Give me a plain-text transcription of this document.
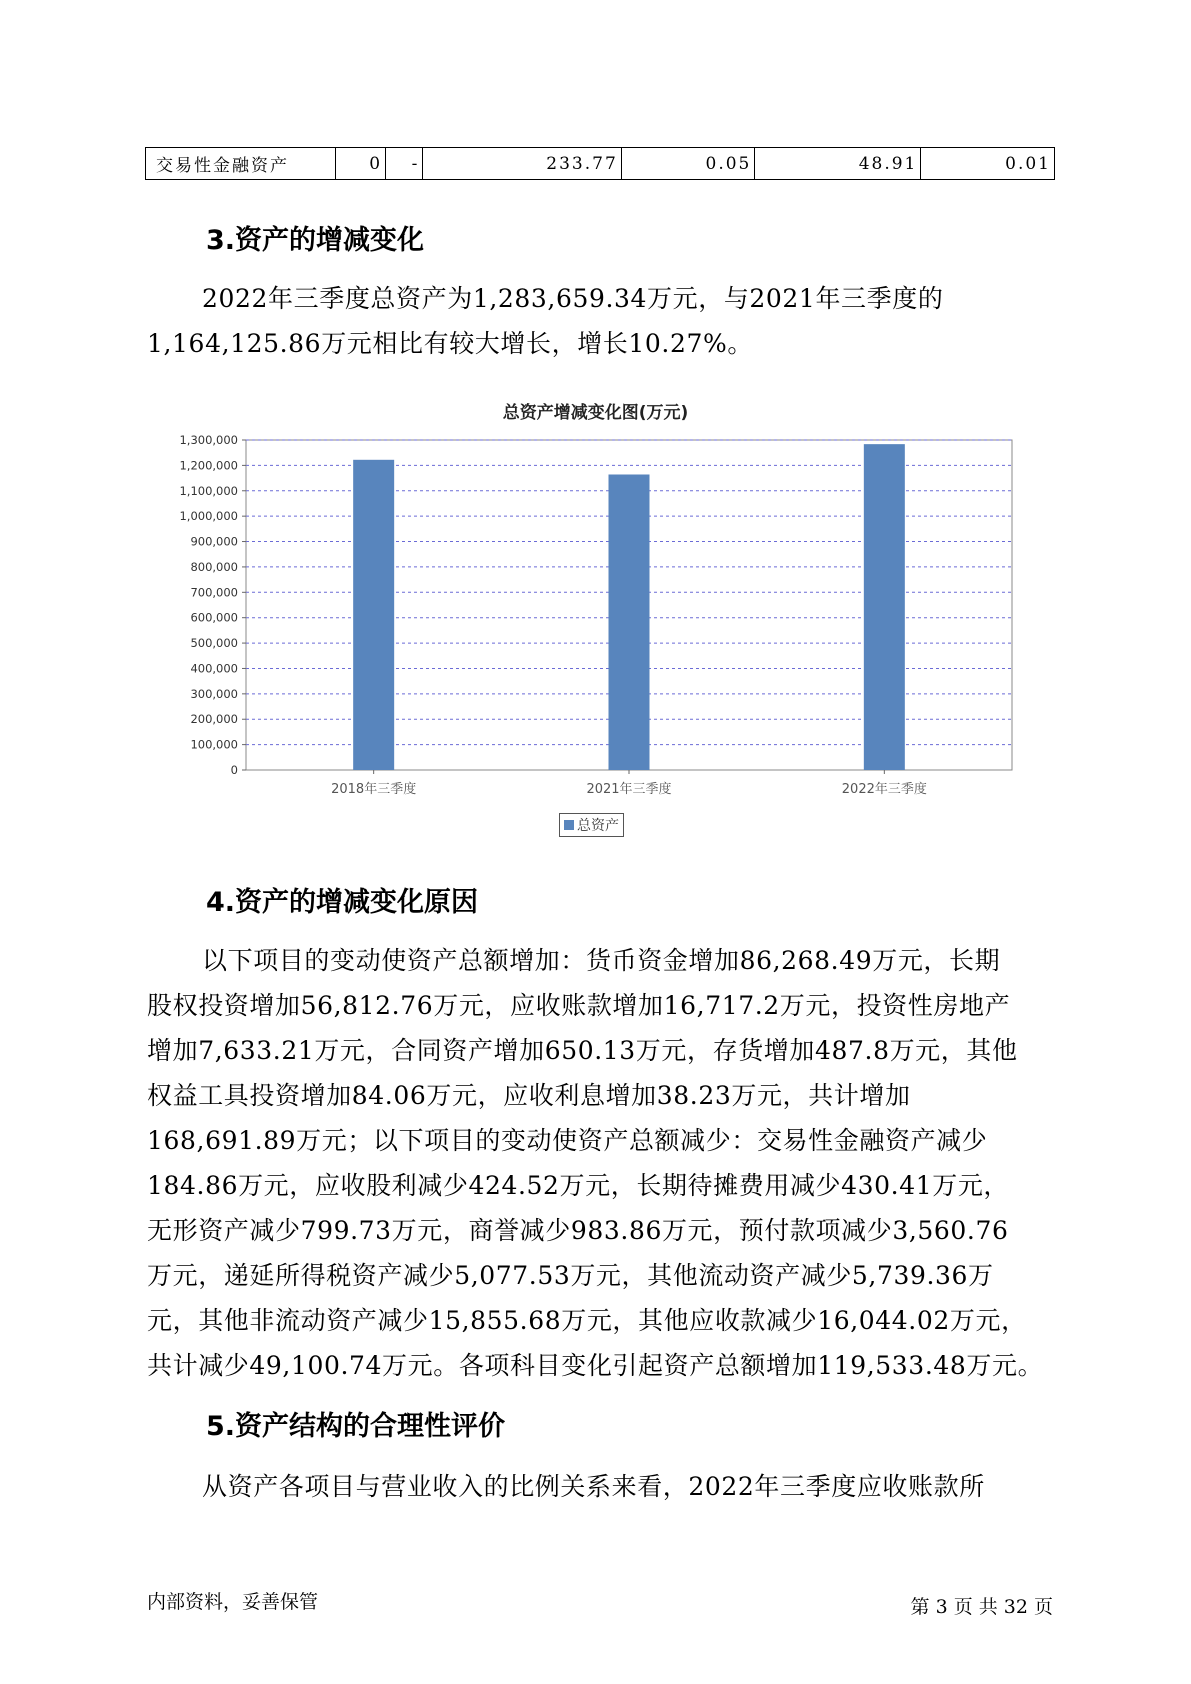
交易性金融资产	0	-	233.77	0.05	48.91	0.01
3.资产的增减变化
2022年三季度总资产为1,283,659.34万元，与2021年三季度的
1,164,125.86万元相比有较大增长，增长10.27%。
总资产增减变化图(万元)
0
100,000
200,000
300,000
400,000
500,000
600,000
700,000
800,000
900,000
1,000,000
1,100,000
1,200,000
1,300,000
2018年三季度	2021年三季度	2022年三季度
总资产
4.资产的增减变化原因
以下项目的变动使资产总额增加：货币资金增加86,268.49万元，长期
股权投资增加56,812.76万元，应收账款增加16,717.2万元，投资性房地产
增加7,633.21万元，合同资产增加650.13万元，存货增加487.8万元，其他
权益工具投资增加84.06万元，应收利息增加38.23万元，共计增加
168,691.89万元；以下项目的变动使资产总额减少：交易性金融资产减少
184.86万元，应收股利减少424.52万元，长期待摊费用减少430.41万元，
无形资产减少799.73万元，商誉减少983.86万元，预付款项减少3,560.76
万元，递延所得税资产减少5,077.53万元，其他流动资产减少5,739.36万
元，其他非流动资产减少15,855.68万元，其他应收款减少16,044.02万元，
共计减少49,100.74万元。各项科目变化引起资产总额增加119,533.48万元。
5.资产结构的合理性评价
从资产各项目与营业收入的比例关系来看，2022年三季度应收账款所
内部资料，妥善保管	第 3 页 共 32 页
